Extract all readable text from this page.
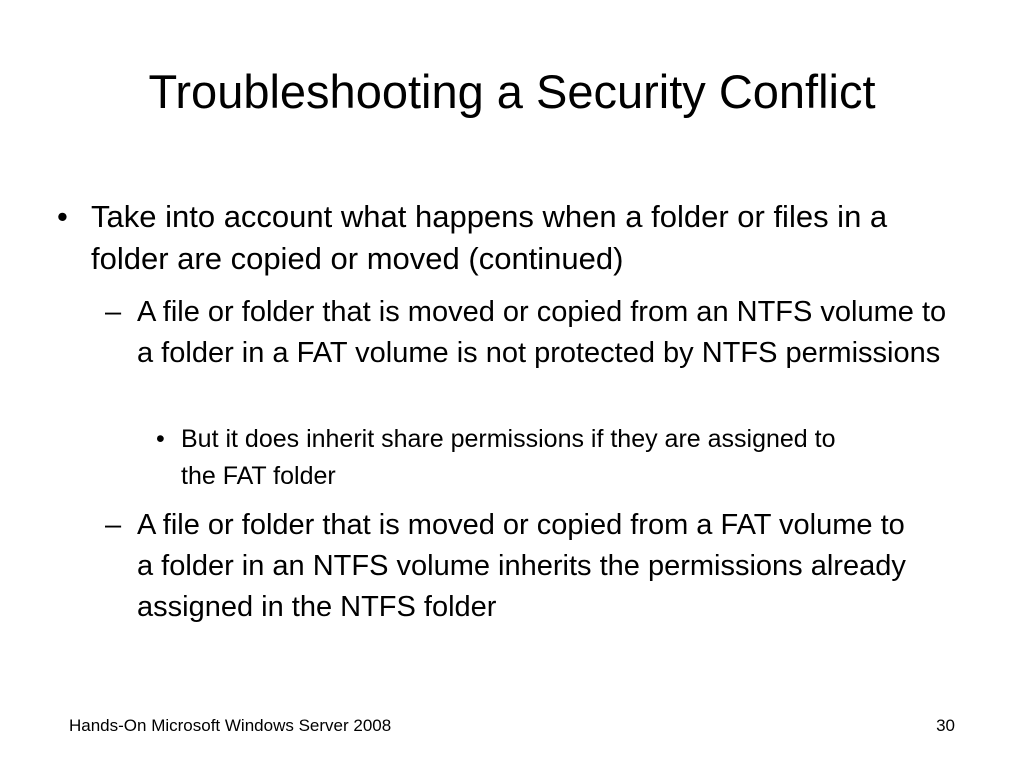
Troubleshooting a Security Conflict
• Take into account what happens when a folder or files in a folder are copied or moved (continued)

– A file or folder that is moved or copied from an NTFS volume to a folder in a FAT volume is not protected by NTFS permissions

• But it does inherit share permissions if they are assigned to the FAT folder

– A file or folder that is moved or copied from a FAT volume to a folder in an NTFS volume inherits the permissions already assigned in the NTFS folder

Hands-On Microsoft Windows Server 2008	30
